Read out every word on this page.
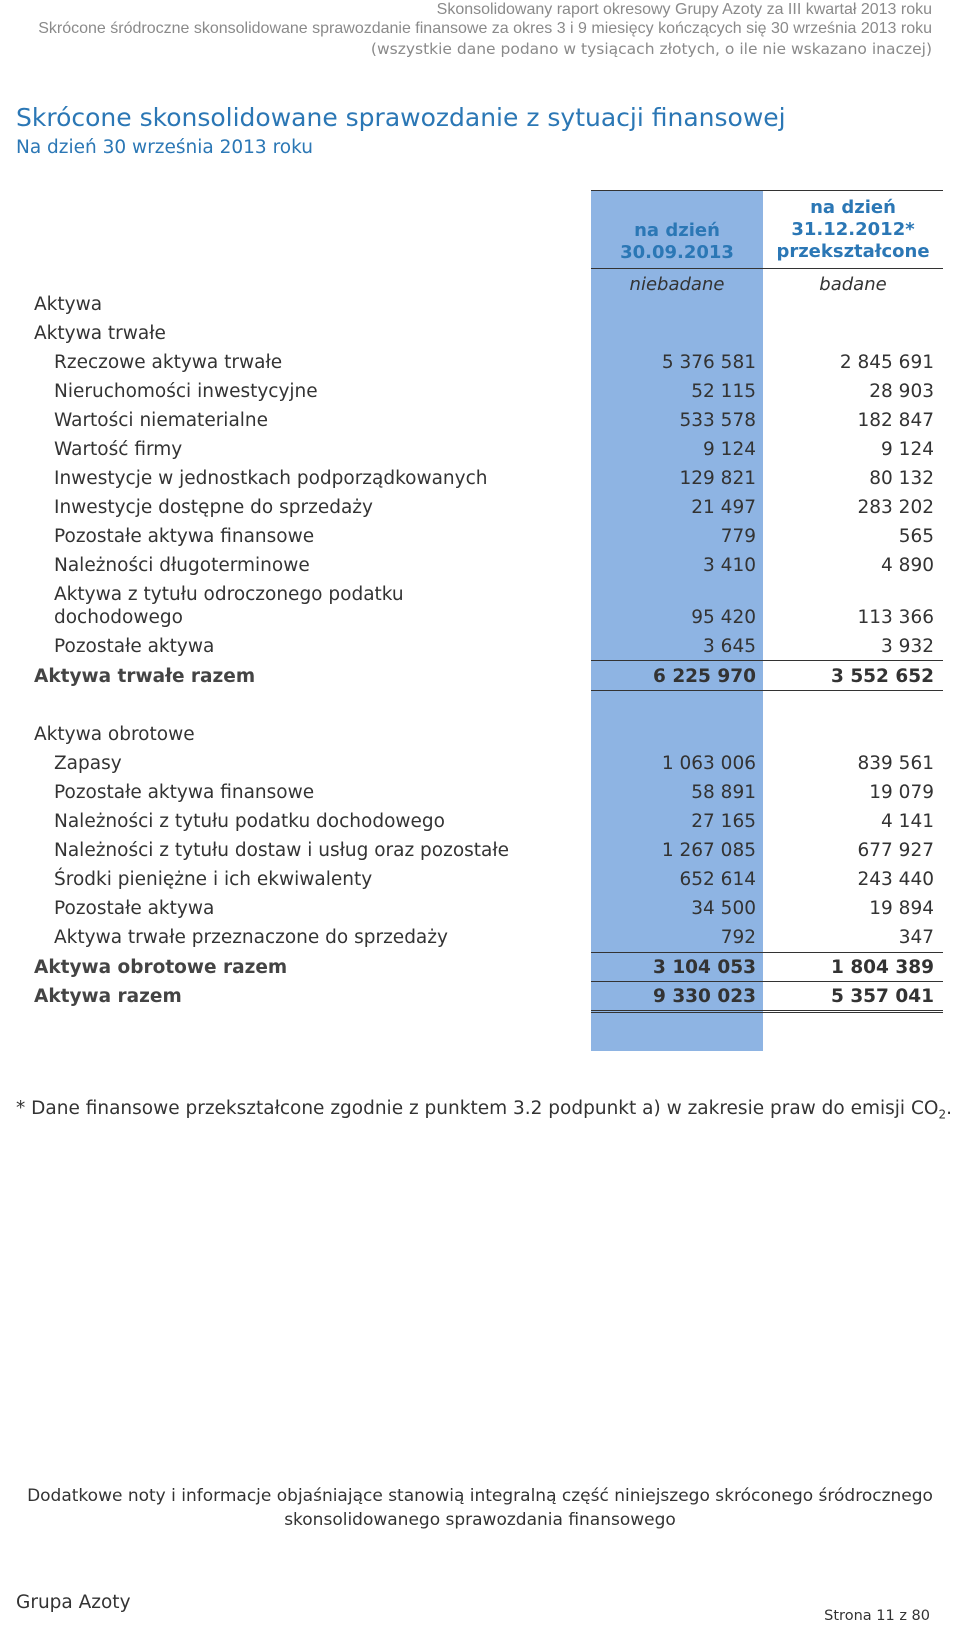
Skonsolidowany raport okresowy Grupy Azoty za III kwartał 2013 roku
Skrócone śródroczne skonsolidowane sprawozdanie finansowe za okres 3 i 9 miesięcy kończących się 30 września 2013 roku
(wszystkie dane podano w tysiącach złotych, o ile nie wskazano inaczej)
Skrócone skonsolidowane sprawozdanie z sytuacji finansowej
Na dzień 30 września 2013 roku
na dzień
30.09.2013
na dzień
31.12.2012*
przekształcone
niebadane	badane
Aktywa
Aktywa trwałe
Rzeczowe aktywa trwałe	5 376 581	2 845 691
Nieruchomości inwestycyjne	52 115	28 903
Wartości niematerialne	533 578	182 847
Wartość firmy	9 124	9 124
Inwestycje w jednostkach podporządkowanych	129 821	80 132
Inwestycje dostępne do sprzedaży	21 497	283 202
Pozostałe aktywa finansowe	779	565
Należności długoterminowe	3 410	4 890
Aktywa z tytułu odroczonego podatku
dochodowego	95 420	113 366
Pozostałe aktywa	3 645	3 932
Aktywa trwałe razem	6 225 970	3 552 652
Aktywa obrotowe
Zapasy	1 063 006	839 561
Pozostałe aktywa finansowe	58 891	19 079
Należności z tytułu podatku dochodowego	27 165	4 141
Należności z tytułu dostaw i usług oraz pozostałe	1 267 085	677 927
Środki pieniężne i ich ekwiwalenty	652 614	243 440
Pozostałe aktywa	34 500	19 894
Aktywa trwałe przeznaczone do sprzedaży	792	347
Aktywa obrotowe razem	3 104 053	1 804 389
Aktywa razem	9 330 023	5 357 041
* Dane finansowe przekształcone zgodnie z punktem 3.2 podpunkt a) w zakresie praw do emisji $CO_2$.
Dodatkowe noty i informacje objaśniające stanowią integralną część niniejszego skróconego śródrocznego
skonsolidowanego sprawozdania finansowego
Grupa Azoty
Strona 11 z 80
